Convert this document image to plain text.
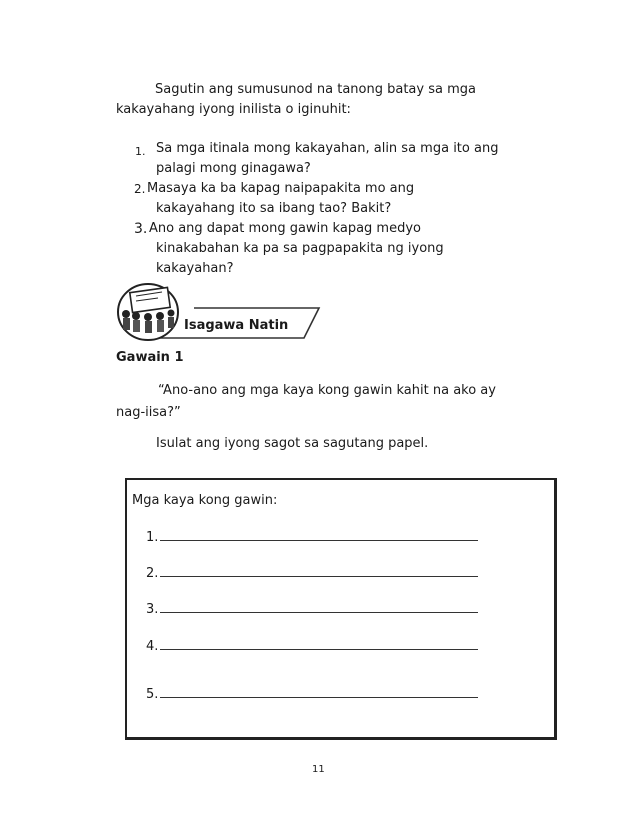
Sagutin ang sumusunod na tanong batay sa mga
kakayahang iyong inilista o iginuhit:
1. Sa mga itinala mong kakayahan, alin sa mga ito ang
palagi mong ginagawa?
2. Masaya ka ba kapag naipapakita mo ang
kakayahang ito sa ibang tao? Bakit?
3. Ano ang dapat mong gawin kapag medyo
kinakabahan ka pa sa pagpapakita ng iyong
kakayahan?
Isagawa Natin
Gawain 1
“Ano-ano ang mga kaya kong gawin kahit na ako ay
nag-iisa?”
Isulat ang iyong sagot sa sagutang papel.
Mga kaya kong gawin:
1.
2.
3.
4.
5.
11
